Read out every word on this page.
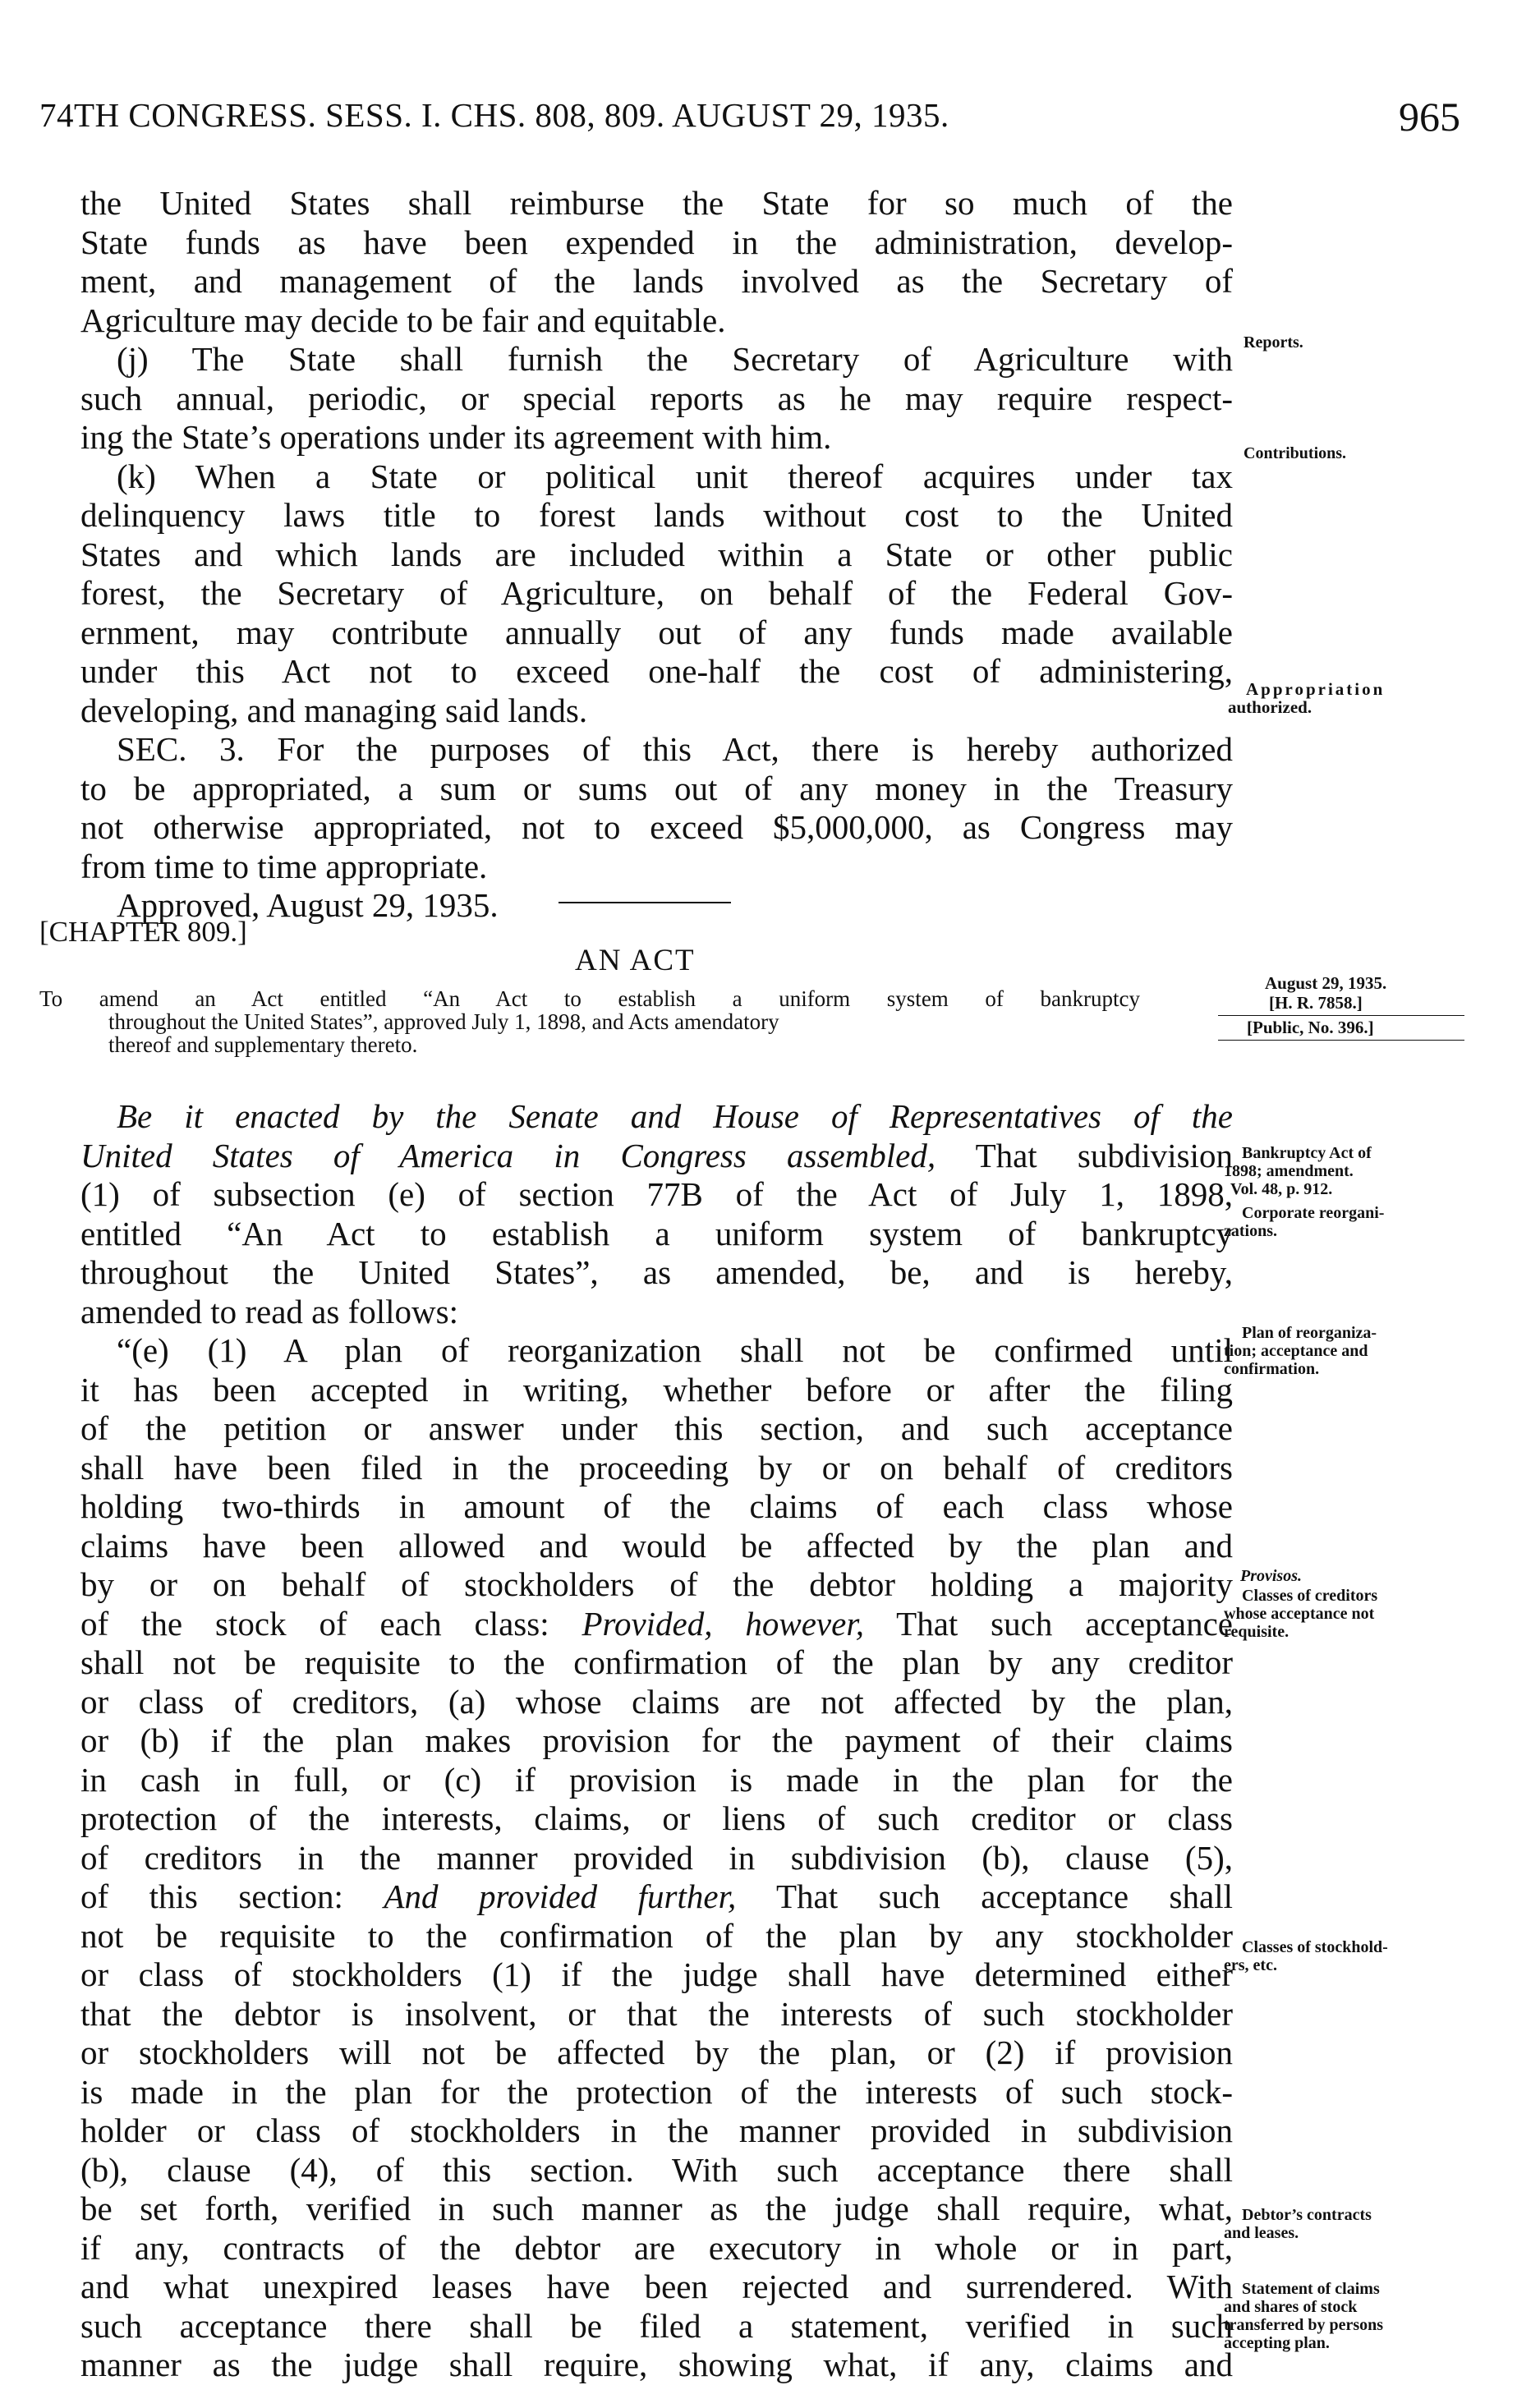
74TH CONGRESS. SESS. I. CHS. 808, 809. AUGUST 29, 1935.	965
the United States shall reimburse the State for so much of the
State funds as have been expended in the administration, develop-
ment, and management of the lands involved as the Secretary of
Agriculture may decide to be fair and equitable.
(j) The State shall furnish the Secretary of Agriculture with
such annual, periodic, or special reports as he may require respect-
ing the State’s operations under its agreement with him.
(k) When a State or political unit thereof acquires under tax
delinquency laws title to forest lands without cost to the United
States and which lands are included within a State or other public
forest, the Secretary of Agriculture, on behalf of the Federal Gov-
ernment, may contribute annually out of any funds made available
under this Act not to exceed one-half the cost of administering,
developing, and managing said lands.
SEC. 3. For the purposes of this Act, there is hereby authorized
to be appropriated, a sum or sums out of any money in the Treasury
not otherwise appropriated, not to exceed $5,000,000, as Congress may
from time to time appropriate.
Approved, August 29, 1935.
[CHAPTER 809.]
AN ACT
To amend an Act entitled “An Act to establish a uniform system of bankruptcy
throughout the United States”, approved July 1, 1898, and Acts amendatory
thereof and supplementary thereto.
August 29, 1935.
[H. R. 7858.]
[Public, No. 396.]
Be it enacted by the Senate and House of Representatives of the
United States of America in Congress assembled, That subdivision
(1) of subsection (e) of section 77B of the Act of July 1, 1898,
entitled “An Act to establish a uniform system of bankruptcy
throughout the United States”, as amended, be, and is hereby,
amended to read as follows:
“(e) (1) A plan of reorganization shall not be confirmed until
it has been accepted in writing, whether before or after the filing
of the petition or answer under this section, and such acceptance
shall have been filed in the proceeding by or on behalf of creditors
holding two-thirds in amount of the claims of each class whose
claims have been allowed and would be affected by the plan and
by or on behalf of stockholders of the debtor holding a majority
of the stock of each class: Provided, however, That such acceptance
shall not be requisite to the confirmation of the plan by any creditor
or class of creditors, (a) whose claims are not affected by the plan,
or (b) if the plan makes provision for the payment of their claims
in cash in full, or (c) if provision is made in the plan for the
protection of the interests, claims, or liens of such creditor or class
of creditors in the manner provided in subdivision (b), clause (5),
of this section: And provided further, That such acceptance shall
not be requisite to the confirmation of the plan by any stockholder
or class of stockholders (1) if the judge shall have determined either
that the debtor is insolvent, or that the interests of such stockholder
or stockholders will not be affected by the plan, or (2) if provision
is made in the plan for the protection of the interests of such stock-
holder or class of stockholders in the manner provided in subdivision
(b), clause (4), of this section. With such acceptance there shall
be set forth, verified in such manner as the judge shall require, what,
if any, contracts of the debtor are executory in whole or in part,
and what unexpired leases have been rejected and surrendered. With
such acceptance there shall be filed a statement, verified in such
manner as the judge shall require, showing what, if any, claims and
Reports.
Contributions.
Appropriation
authorized.
Bankruptcy Act of
1898; amendment.
Vol. 48, p. 912.
Corporate reorgani-
zations.
Plan of reorganiza-
tion; acceptance and
confirmation.
Provisos.
Classes of creditors
whose acceptance not
requisite.
Classes of stockhold-
ers, etc.
Debtor’s contracts
and leases.
Statement of claims
and shares of stock
transferred by persons
accepting plan.
